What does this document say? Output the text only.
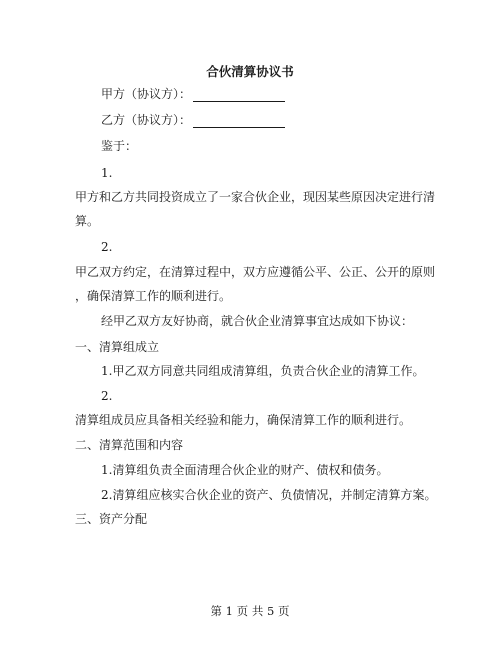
合伙清算协议书
甲方（协议方）：
乙方（协议方）：
鉴于：
1.
甲方和乙方共同投资成立了一家合伙企业，现因某些原因决定进行清
算。
2.
甲乙双方约定，在清算过程中，双方应遵循公平、公正、公开的原则
，确保清算工作的顺利进行。
经甲乙双方友好协商，就合伙企业清算事宜达成如下协议：
一、清算组成立
1.甲乙双方同意共同组成清算组，负责合伙企业的清算工作。
2.
清算组成员应具备相关经验和能力，确保清算工作的顺利进行。
二、清算范围和内容
1.清算组负责全面清理合伙企业的财产、债权和债务。
2.清算组应核实合伙企业的资产、负债情况，并制定清算方案。
三、资产分配
第 1 页 共 5 页
